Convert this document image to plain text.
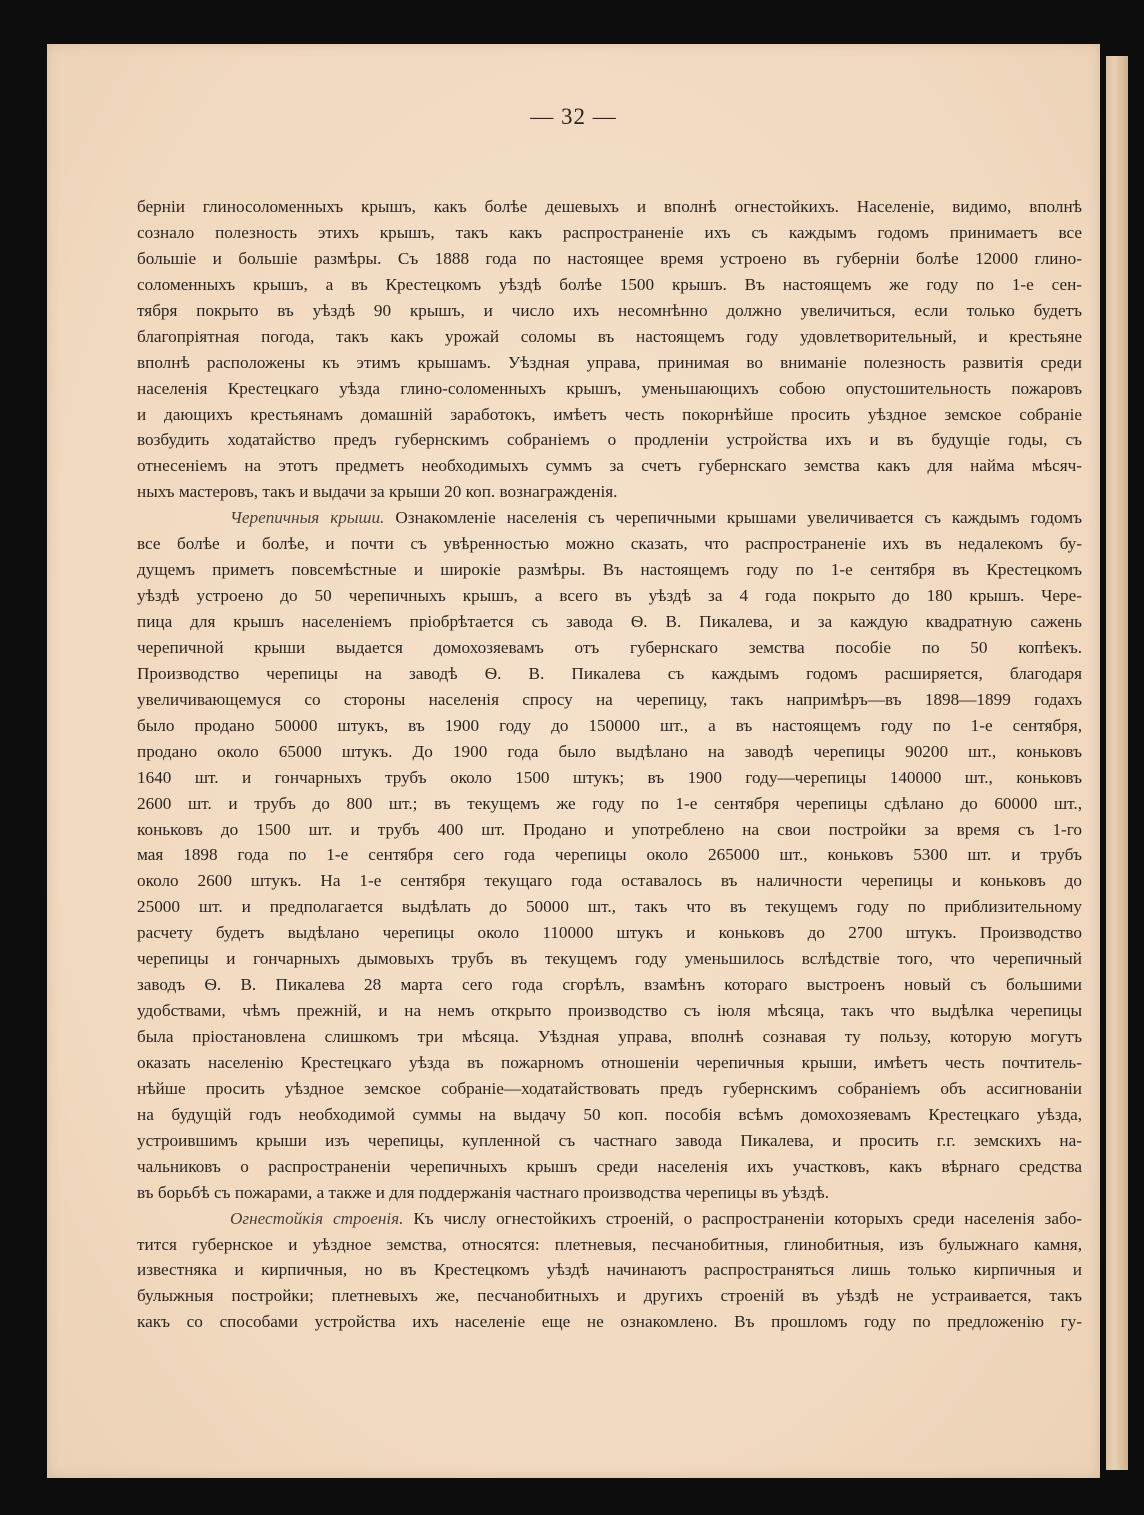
— 32 —
берніи глиносоломенныхъ крышъ, какъ болѣе дешевыхъ и вполнѣ огнестойкихъ. Населеніе, видимо, вполнѣ
сознало полезность этихъ крышъ, такъ какъ распространеніе ихъ съ каждымъ годомъ принимаетъ все
большіе и большіе размѣры. Съ 1888 года по настоящее время устроено въ губерніи болѣе 12000 глино-
соломенныхъ крышъ, а въ Крестецкомъ уѣздѣ болѣе 1500 крышъ. Въ настоящемъ же году по 1-е сен-
тября покрыто въ уѣздѣ 90 крышъ, и число ихъ несомнѣнно должно увеличиться, если только будетъ
благопріятная погода, такъ какъ урожай соломы въ настоящемъ году удовлетворительный, и крестьяне
вполнѣ расположены къ этимъ крышамъ. Уѣздная управа, принимая во вниманіе полезность развитія среди
населенія Крестецкаго уѣзда глино-соломенныхъ крышъ, уменьшающихъ собою опустошительность пожаровъ
и дающихъ крестьянамъ домашній заработокъ, имѣетъ честь покорнѣйше просить уѣздное земское собраніе
возбудить ходатайство предъ губернскимъ собраніемъ о продленіи устройства ихъ и въ будущіе годы, съ
отнесеніемъ на этотъ предметъ необходимыхъ суммъ за счетъ губернскаго земства какъ для найма мѣсяч-
ныхъ мастеровъ, такъ и выдачи за крыши 20 коп. вознагражденія.
Черепичныя крыши. Ознакомленіе населенія съ черепичными крышами увеличивается съ каждымъ годомъ
все болѣе и болѣе, и почти съ увѣренностью можно сказать, что распространеніе ихъ въ недалекомъ бу-
дущемъ приметъ повсемѣстные и широкіе размѣры. Въ настоящемъ году по 1-е сентября въ Крестецкомъ
уѣздѣ устроено до 50 черепичныхъ крышъ, а всего въ уѣздѣ за 4 года покрыто до 180 крышъ. Чере-
пица для крышъ населеніемъ пріобрѣтается съ завода Ѳ. В. Пикалева, и за каждую квадратную сажень
черепичной крыши выдается домохозяевамъ отъ губернскаго земства пособіе по 50 копѣекъ.
Производство черепицы на заводѣ Ѳ. В. Пикалева съ каждымъ годомъ расширяется, благодаря
увеличивающемуся со стороны населенія спросу на черепицу, такъ напримѣръ—въ 1898—1899 годахъ
было продано 50000 штукъ, въ 1900 году до 150000 шт., а въ настоящемъ году по 1-е сентября,
продано около 65000 штукъ. До 1900 года было выдѣлано на заводѣ черепицы 90200 шт., коньковъ
1640 шт. и гончарныхъ трубъ около 1500 штукъ; въ 1900 году—черепицы 140000 шт., коньковъ
2600 шт. и трубъ до 800 шт.; въ текущемъ же году по 1-е сентября черепицы сдѣлано до 60000 шт.,
коньковъ до 1500 шт. и трубъ 400 шт. Продано и употреблено на свои постройки за время съ 1-го
мая 1898 года по 1-е сентября сего года черепицы около 265000 шт., коньковъ 5300 шт. и трубъ
около 2600 штукъ. На 1-е сентября текущаго года оставалось въ наличности черепицы и коньковъ до
25000 шт. и предполагается выдѣлать до 50000 шт., такъ что въ текущемъ году по приблизительному
расчету будетъ выдѣлано черепицы около 110000 штукъ и коньковъ до 2700 штукъ. Производство
черепицы и гончарныхъ дымовыхъ трубъ въ текущемъ году уменьшилось вслѣдствіе того, что черепичный
заводъ Ѳ. В. Пикалева 28 марта сего года сгорѣлъ, взамѣнъ котораго выстроенъ новый съ большими
удобствами, чѣмъ прежній, и на немъ открыто производство съ іюля мѣсяца, такъ что выдѣлка черепицы
была пріостановлена слишкомъ три мѣсяца. Уѣздная управа, вполнѣ сознавая ту пользу, которую могутъ
оказать населенію Крестецкаго уѣзда въ пожарномъ отношеніи черепичныя крыши, имѣетъ честь почтитель-
нѣйше просить уѣздное земское собраніе—ходатайствовать предъ губернскимъ собраніемъ объ ассигнованіи
на будущій годъ необходимой суммы на выдачу 50 коп. пособія всѣмъ домохозяевамъ Крестецкаго уѣзда,
устроившимъ крыши изъ черепицы, купленной съ частнаго завода Пикалева, и просить г.г. земскихъ на-
чальниковъ о распространеніи черепичныхъ крышъ среди населенія ихъ участковъ, какъ вѣрнаго средства
въ борьбѣ съ пожарами, а также и для поддержанія частнаго производства черепицы въ уѣздѣ.
Огнестойкія строенія. Къ числу огнестойкихъ строеній, о распространеніи которыхъ среди населенія забо-
тится губернское и уѣздное земства, относятся: плетневыя, песчанобитныя, глинобитныя, изъ булыжнаго камня,
известняка и кирпичныя, но въ Крестецкомъ уѣздѣ начинаютъ распространяться лишь только кирпичныя и
булыжныя постройки; плетневыхъ же, песчанобитныхъ и другихъ строеній въ уѣздѣ не устраивается, такъ
какъ со способами устройства ихъ населеніе еще не ознакомлено. Въ прошломъ году по предложенію гу-
